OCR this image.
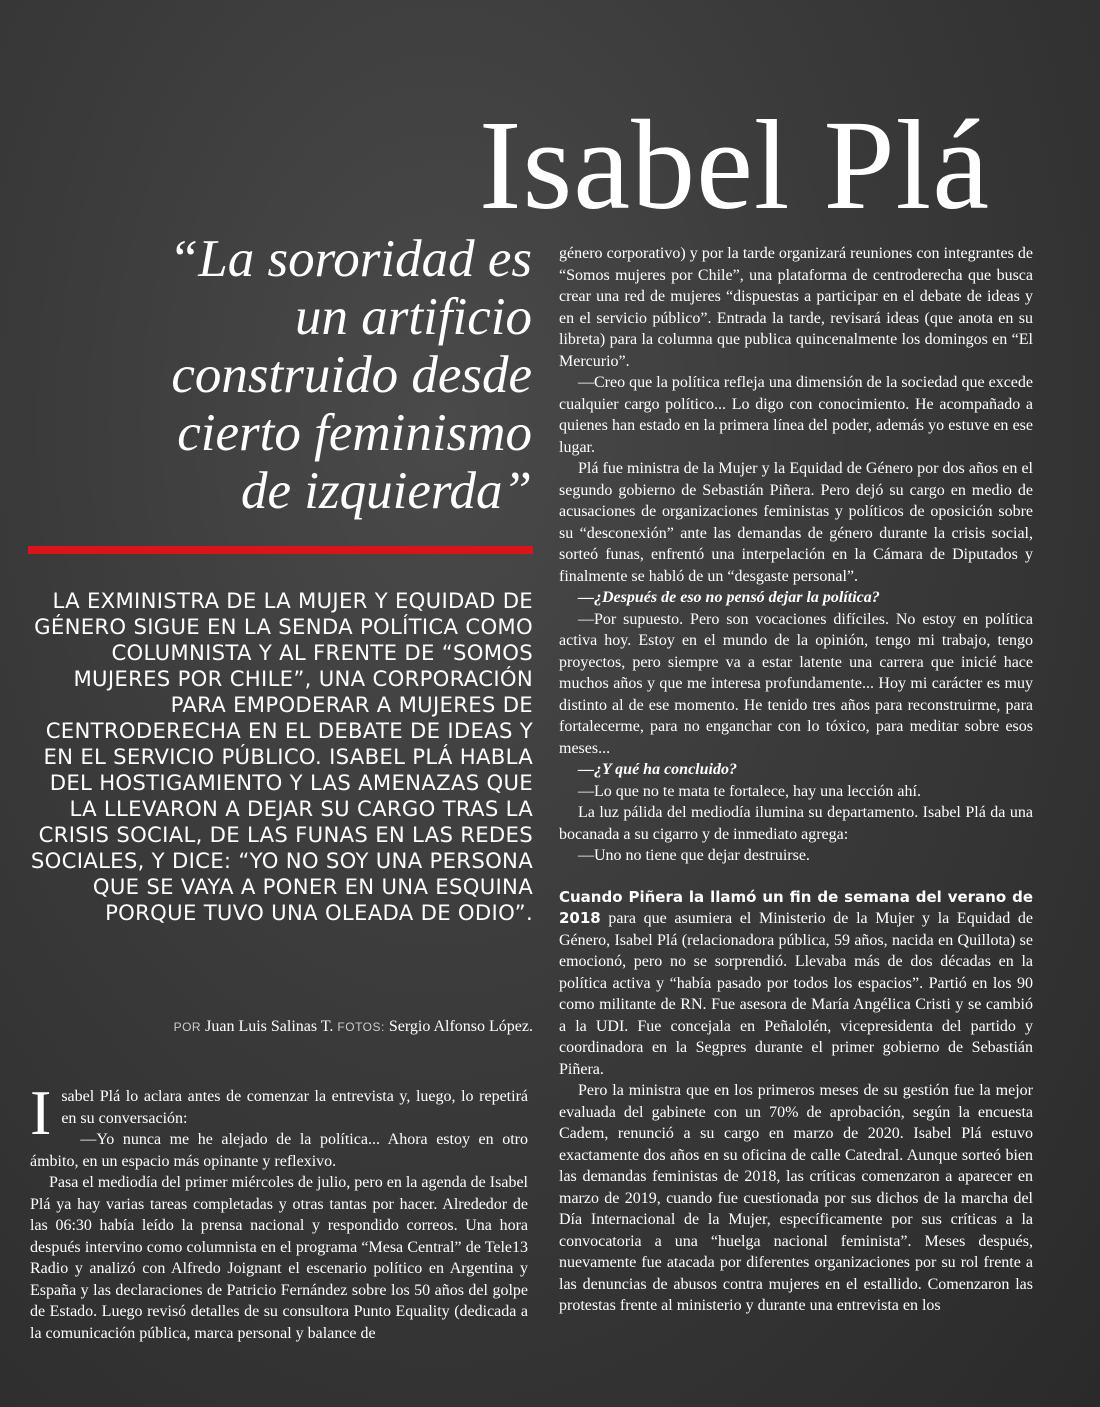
Isabel Plá
“La sororidad es
un artificio
construido desde
cierto feminismo
de izquierda”

LA EXMINISTRA DE LA MUJER Y EQUIDAD DE GÉNERO SIGUE EN LA SENDA POLÍTICA COMO COLUMNISTA Y AL FRENTE DE “SOMOS MUJERES POR CHILE”, UNA CORPORACIÓN PARA EMPODERAR A MUJERES DE CENTRODERECHA EN EL DEBATE DE IDEAS Y EN EL SERVICIO PÚBLICO. ISABEL PLÁ HABLA DEL HOSTIGAMIENTO Y LAS AMENAZAS QUE LA LLEVARON A DEJAR SU CARGO TRAS LA CRISIS SOCIAL, DE LAS FUNAS EN LAS REDES SOCIALES, Y DICE: “YO NO SOY UNA PERSONA QUE SE VAYA A PONER EN UNA ESQUINA PORQUE TUVO UNA OLEADA DE ODIO”.

POR Juan Luis Salinas T. FOTOS: Sergio Alfonso López.
I sabel Plá lo aclara antes de comenzar la entrevista y, luego, lo repetirá en su conversación:

—Yo nunca me he alejado de la política... Ahora estoy en otro ámbito, en un espacio más opinante y reflexivo.

Pasa el mediodía del primer miércoles de julio, pero en la agenda de Isabel Plá ya hay varias tareas completadas y otras tantas por hacer. Alrededor de las 06:30 había leído la prensa nacional y respondido correos. Una hora después intervino como columnista en el programa “Mesa Central” de Tele13 Radio y analizó con Alfredo Joignant el escenario político en Argentina y España y las declaraciones de Patricio Fernández sobre los 50 años del golpe de Estado. Luego revisó detalles de su consultora Punto Equality (dedicada a la comunicación pública, marca personal y balance de

género corporativo) y por la tarde organizará reuniones con integrantes de “Somos mujeres por Chile”, una plataforma de centroderecha que busca crear una red de mujeres “dispuestas a participar en el debate de ideas y en el servicio público”. Entrada la tarde, revisará ideas (que anota en su libreta) para la columna que publica quincenalmente los domingos en “El Mercurio”.

—Creo que la política refleja una dimensión de la sociedad que excede cualquier cargo político... Lo digo con conocimiento. He acompañado a quienes han estado en la primera línea del poder, además yo estuve en ese lugar.

Plá fue ministra de la Mujer y la Equidad de Género por dos años en el segundo gobierno de Sebastián Piñera. Pero dejó su cargo en medio de acusaciones de organizaciones feministas y políticos de oposición sobre su “desconexión” ante las demandas de género durante la crisis social, sorteó funas, enfrentó una interpelación en la Cámara de Diputados y finalmente se habló de un “desgaste personal”.

—¿Después de eso no pensó dejar la política?

—Por supuesto. Pero son vocaciones difíciles. No estoy en política activa hoy. Estoy en el mundo de la opinión, tengo mi trabajo, tengo proyectos, pero siempre va a estar latente una carrera que inicié hace muchos años y que me interesa profundamente... Hoy mi carácter es muy distinto al de ese momento. He tenido tres años para reconstruirme, para fortalecerme, para no enganchar con lo tóxico, para meditar sobre esos meses...

—¿Y qué ha concluido?

—Lo que no te mata te fortalece, hay una lección ahí.

La luz pálida del mediodía ilumina su departamento. Isabel Plá da una bocanada a su cigarro y de inmediato agrega:

—Uno no tiene que dejar destruirse.

Cuando Piñera la llamó un fin de semana del verano de 2018 para que asumiera el Ministerio de la Mujer y la Equidad de Género, Isabel Plá (relacionadora pública, 59 años, nacida en Quillota) se emocionó, pero no se sorprendió. Llevaba más de dos décadas en la política activa y “había pasado por todos los espacios”. Partió en los 90 como militante de RN. Fue asesora de María Angélica Cristi y se cambió a la UDI. Fue concejala en Peñalolén, vicepresidenta del partido y coordinadora en la Segpres durante el primer gobierno de Sebastián Piñera.

Pero la ministra que en los primeros meses de su gestión fue la mejor evaluada del gabinete con un 70% de aprobación, según la encuesta Cadem, renunció a su cargo en marzo de 2020. Isabel Plá estuvo exactamente dos años en su oficina de calle Catedral. Aunque sorteó bien las demandas feministas de 2018, las críticas comenzaron a aparecer en marzo de 2019, cuando fue cuestionada por sus dichos de la marcha del Día Internacional de la Mujer, específicamente por sus críticas a la convocatoria a una “huelga nacional feminista”. Meses después, nuevamente fue atacada por diferentes organizaciones por su rol frente a las denuncias de abusos contra mujeres en el estallido. Comenzaron las protestas frente al ministerio y durante una entrevista en los
